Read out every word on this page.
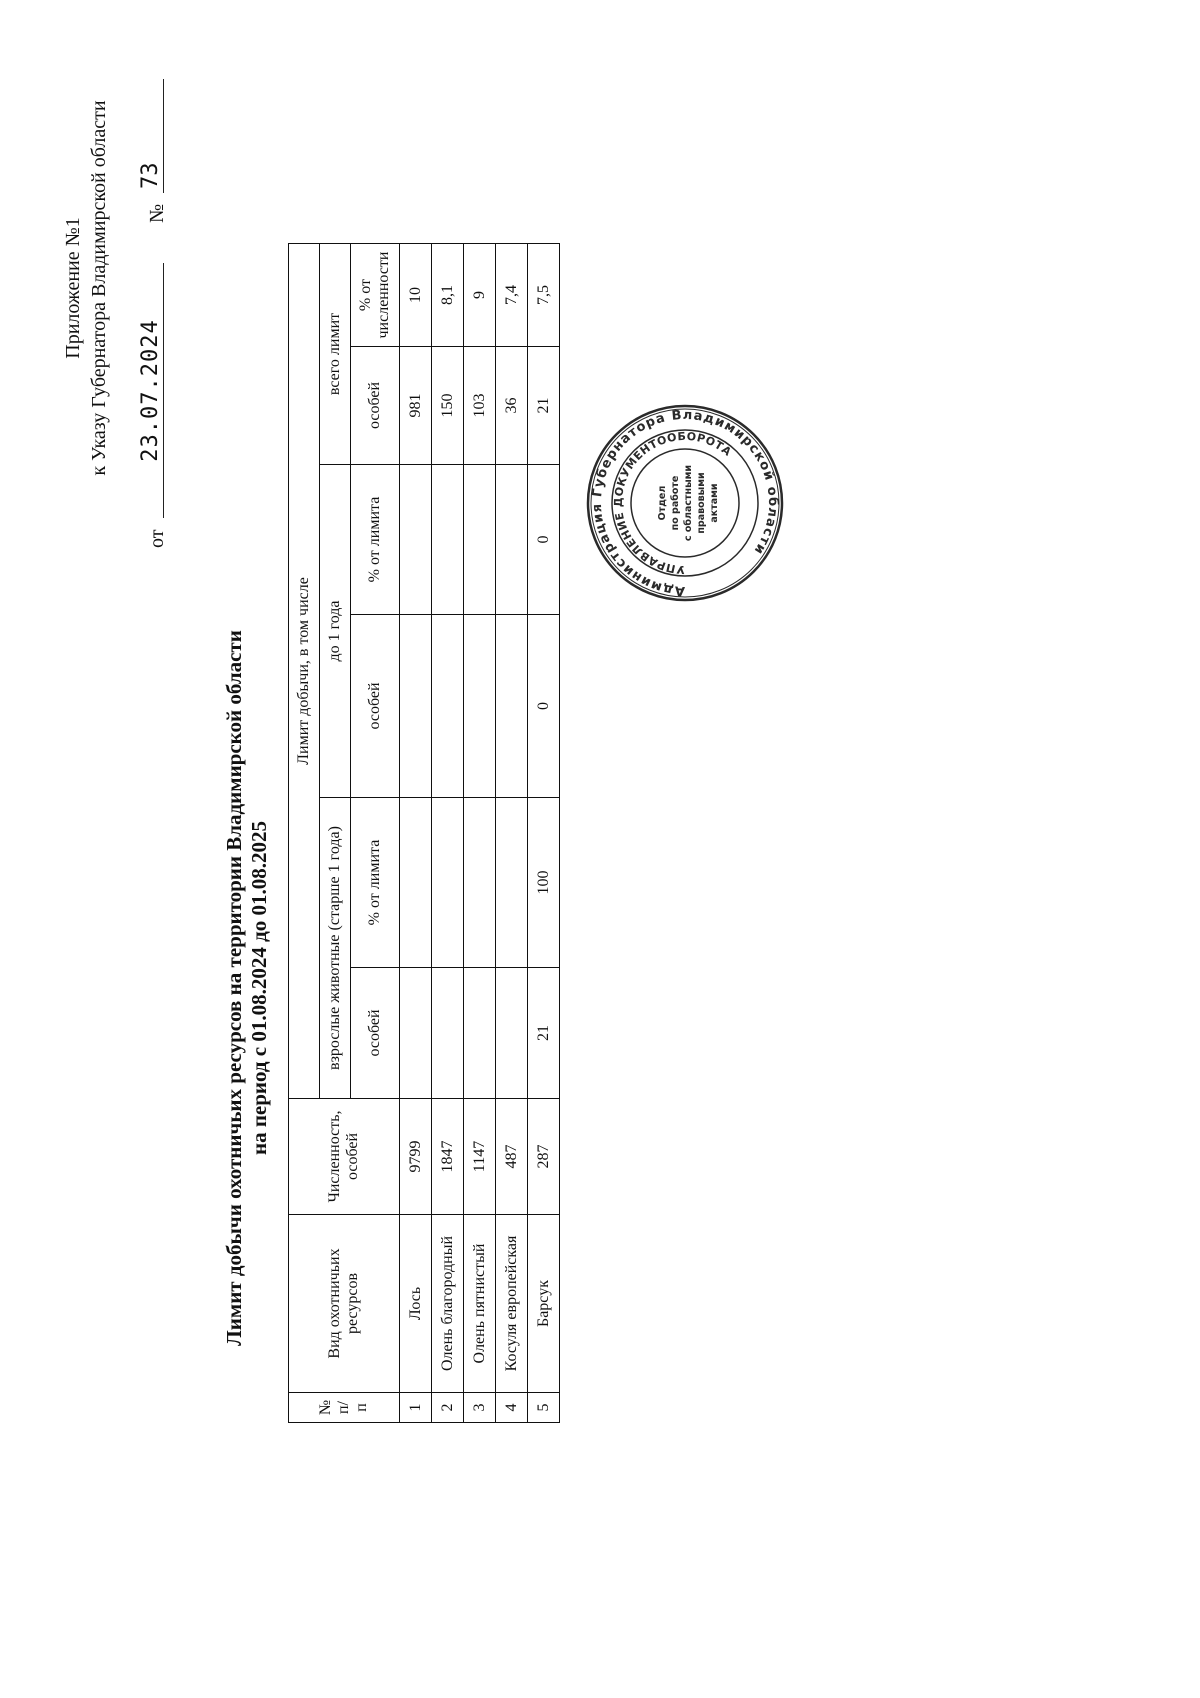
Приложение №1 к Указу Губернатора Владимирской области
от
23.07.2024
№
73
Лимит добычи охотничьих ресурсов на территории Владимирской области на период с 01.08.2024 до 01.08.2025
№ п/п	Вид охотничьих ресурсов	Численность, особей	Лимит добычи, в том числе					
			взрослые животные (старше 1 года)		до 1 года		всего лимит	
			особей	% от лимита	особей	% от лимита	особей	% от численности
1	Лось	9799					981	10
2	Олень благородный	1847					150	8,1
3	Олень пятнистый	1147					103	9
4	Косуля европейская	487					36	7,4
5	Барсук	287	21	100	0	0	21	7,5
Администрация Губернатора Владимирской области
УПРАВЛЕНИЕ ДОКУМЕНТООБОРОТА
Отдел по работе с областными правовыми актами
